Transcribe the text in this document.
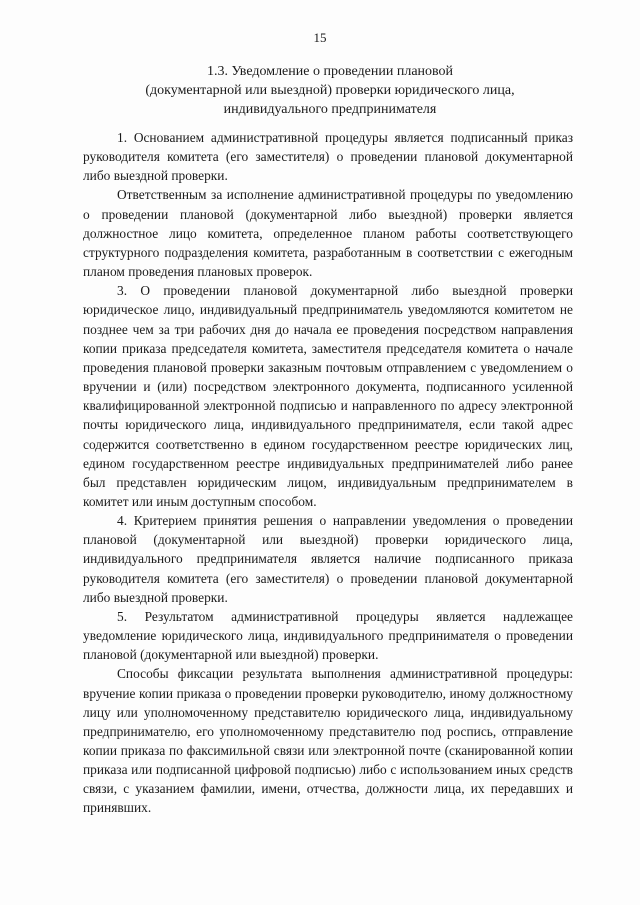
15
1.3. Уведомление о проведении плановой
(документарной или выездной) проверки юридического лица,
индивидуального предпринимателя

1. Основанием административной процедуры является подписанный приказ руководителя комитета (его заместителя) о проведении плановой документарной либо выездной проверки.

Ответственным за исполнение административной процедуры по уведомлению о проведении плановой (документарной либо выездной) проверки является должностное лицо комитета, определенное планом работы соответствующего структурного подразделения комитета, разработанным в соответствии с ежегодным планом проведения плановых проверок.

3. О проведении плановой документарной либо выездной проверки юридическое лицо, индивидуальный предприниматель уведомляются комитетом не позднее чем за три рабочих дня до начала ее проведения посредством направления копии приказа председателя комитета, заместителя председателя комитета о начале проведения плановой проверки заказным почтовым отправлением с уведомлением о вручении и (или) посредством электронного документа, подписанного усиленной квалифицированной электронной подписью и направленного по адресу электронной почты юридического лица, индивидуального предпринимателя, если такой адрес содержится соответственно в едином государственном реестре юридических лиц, едином государственном реестре индивидуальных предпринимателей либо ранее был представлен юридическим лицом, индивидуальным предпринимателем в комитет или иным доступным способом.

4. Критерием принятия решения о направлении уведомления о проведении плановой (документарной или выездной) проверки юридического лица, индивидуального предпринимателя является наличие подписанного приказа руководителя комитета (его заместителя) о проведении плановой документарной либо выездной проверки.

5. Результатом административной процедуры является надлежащее уведомление юридического лица, индивидуального предпринимателя о проведении плановой (документарной или выездной) проверки.

Способы фиксации результата выполнения административной процедуры: вручение копии приказа о проведении проверки руководителю, иному должностному лицу или уполномоченному представителю юридического лица, индивидуальному предпринимателю, его уполномоченному представителю под роспись, отправление копии приказа по факсимильной связи или электронной почте (сканированной копии приказа или подписанной цифровой подписью) либо с использованием иных средств связи, с указанием фамилии, имени, отчества, должности лица, их передавших и принявших.
